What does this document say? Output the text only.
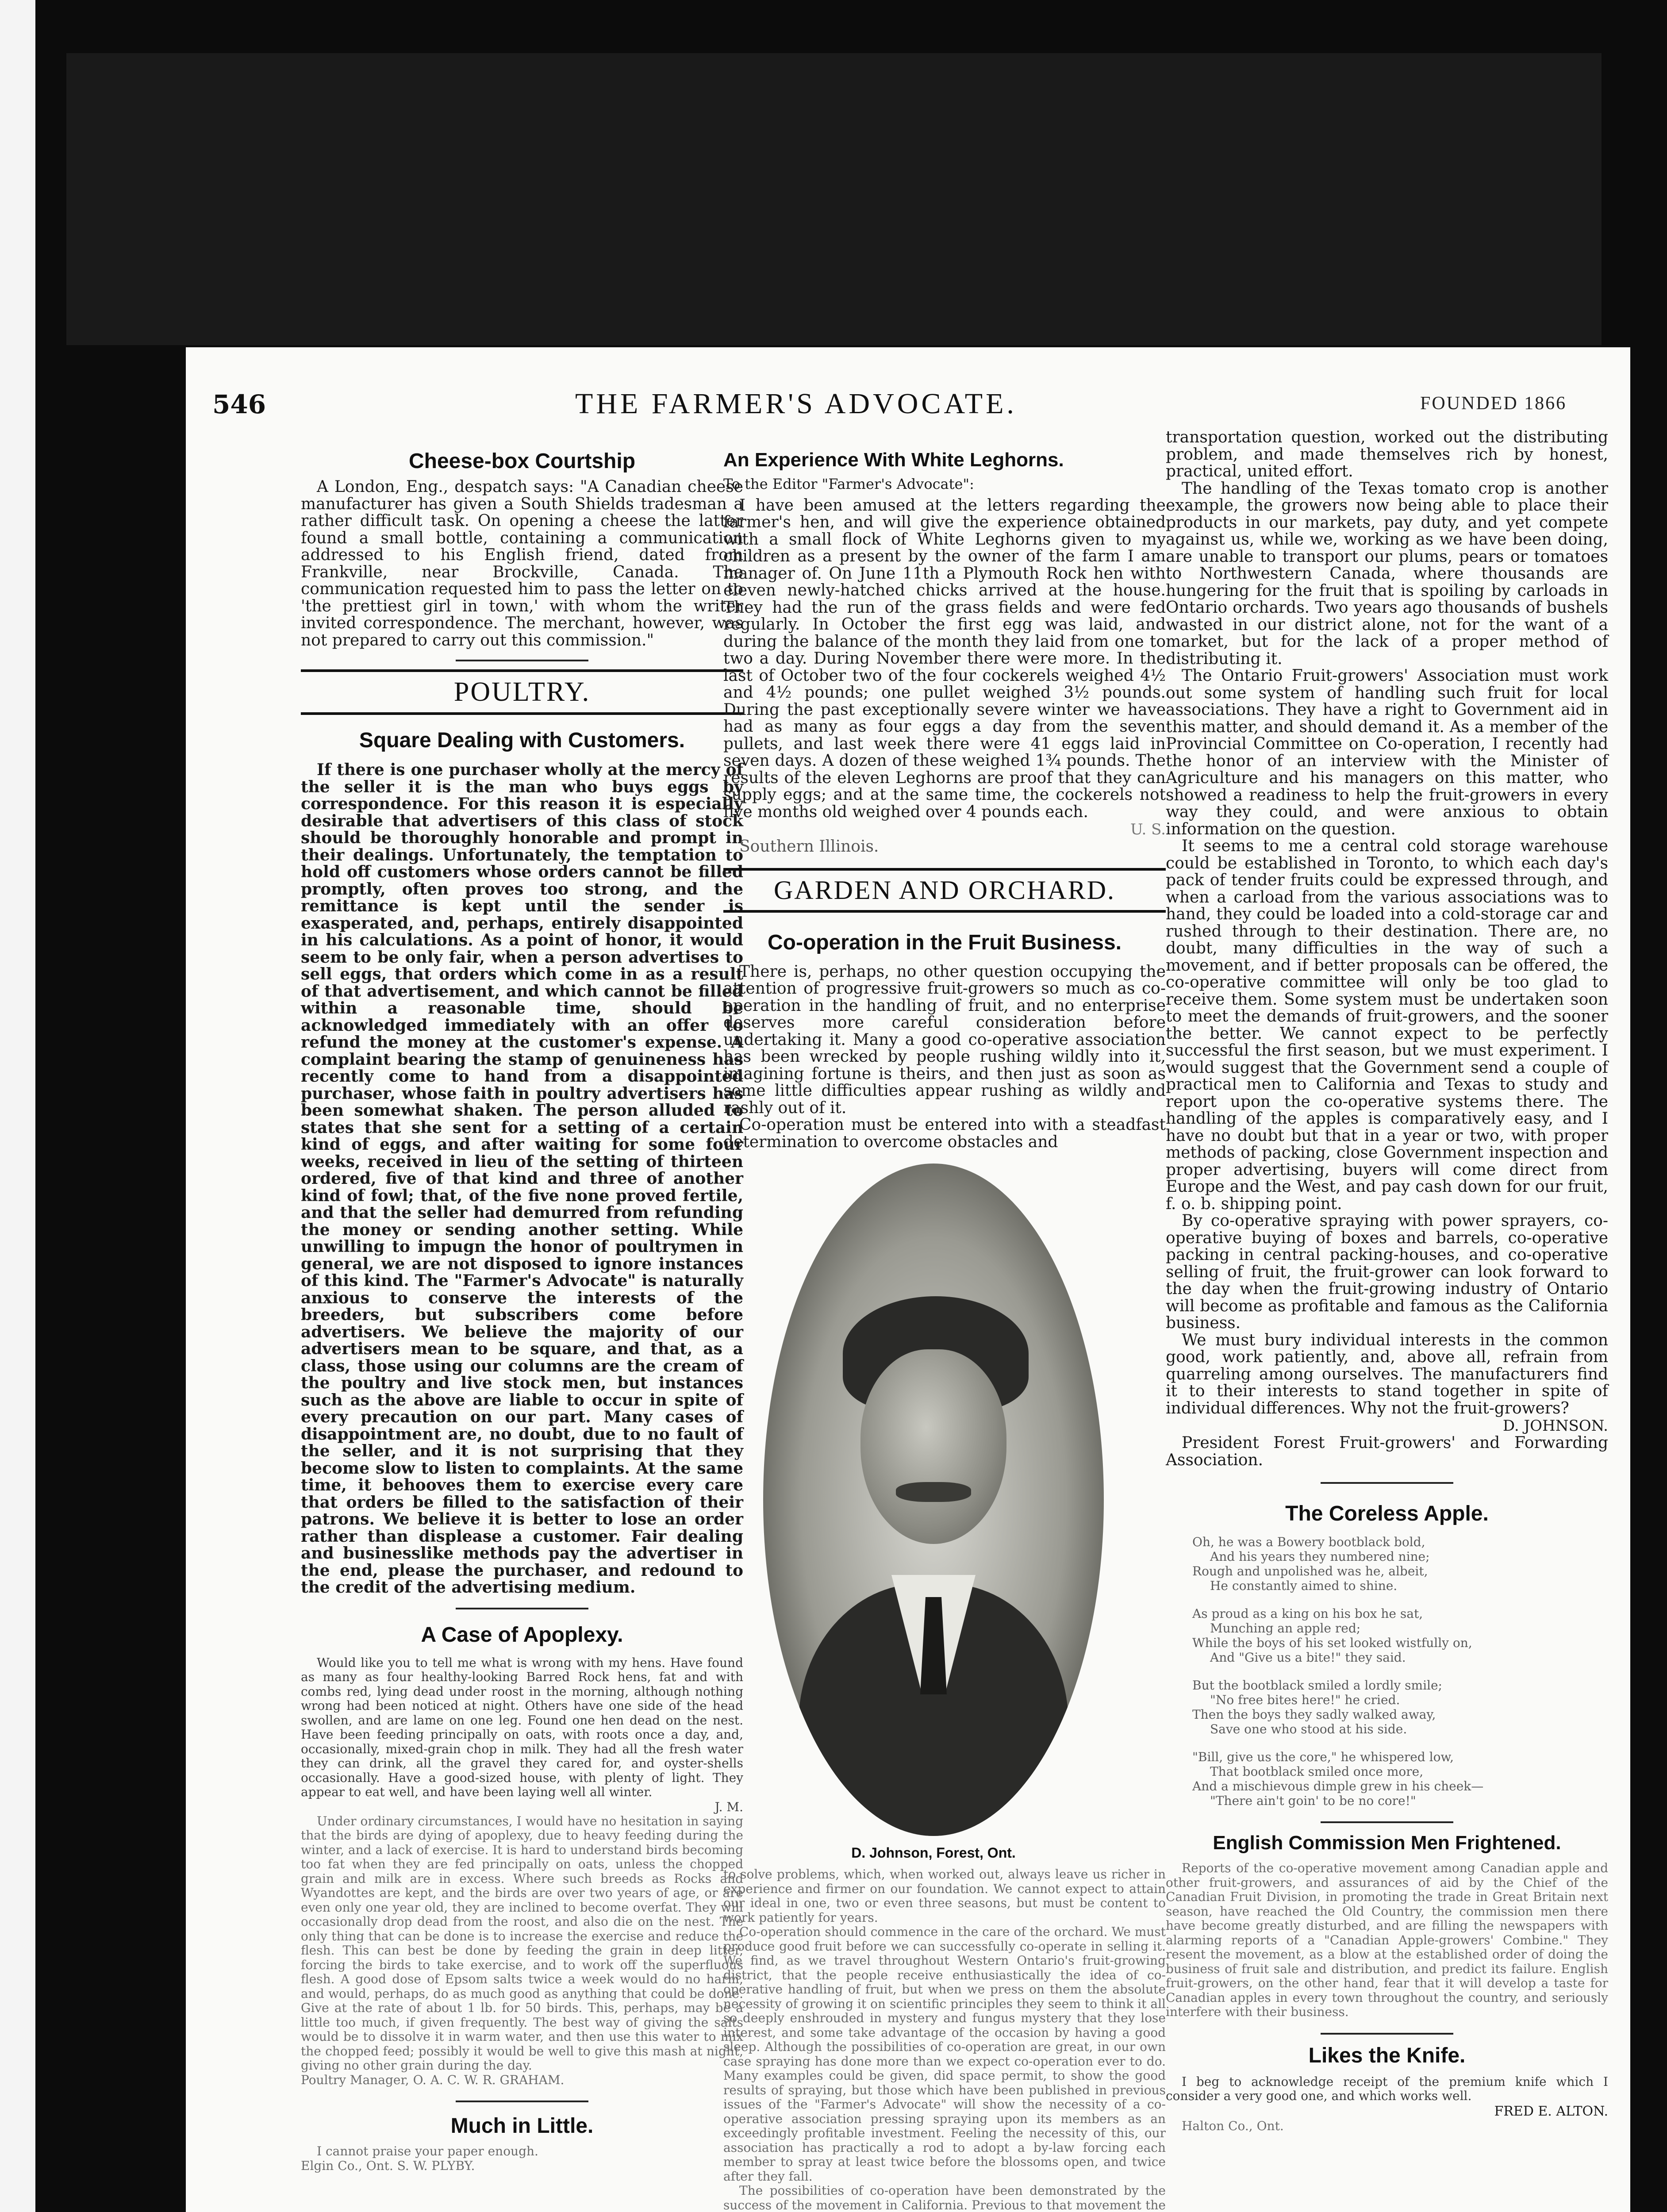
546	THE FARMER'S ADVOCATE.	FOUNDED 1866
Cheese-box Courtship

A London, Eng., despatch says: "A Canadian cheese manufacturer has given a South Shields tradesman a rather difficult task. On opening a cheese the latter found a small bottle, containing a communication addressed to his English friend, dated from Frankville, near Brockville, Canada. The communication requested him to pass the letter on to 'the prettiest girl in town,' with whom the writer invited correspondence. The merchant, however, was not prepared to carry out this commission."

POULTRY.
Square Dealing with Customers.

If there is one purchaser wholly at the mercy of the seller it is the man who buys eggs by correspondence. For this reason it is especially desirable that advertisers of this class of stock should be thoroughly honorable and prompt in their dealings. Unfortunately, the temptation to hold off customers whose orders cannot be filled promptly, often proves too strong, and the remittance is kept until the sender is exasperated, and, perhaps, entirely disappointed in his calculations. As a point of honor, it would seem to be only fair, when a person advertises to sell eggs, that orders which come in as a result of that advertisement, and which cannot be filled within a reasonable time, should be acknowledged immediately with an offer to refund the money at the customer's expense. A complaint bearing the stamp of genuineness has recently come to hand from a disappointed purchaser, whose faith in poultry advertisers has been somewhat shaken. The person alluded to states that she sent for a setting of a certain kind of eggs, and after waiting for some four weeks, received in lieu of the setting of thirteen ordered, five of that kind and three of another kind of fowl; that, of the five none proved fertile, and that the seller had demurred from refunding the money or sending another setting. While unwilling to impugn the honor of poultrymen in general, we are not disposed to ignore instances of this kind. The "Farmer's Advocate" is naturally anxious to conserve the interests of the breeders, but subscribers come before advertisers. We believe the majority of our advertisers mean to be square, and that, as a class, those using our columns are the cream of the poultry and live stock men, but instances such as the above are liable to occur in spite of every precaution on our part. Many cases of disappointment are, no doubt, due to no fault of the seller, and it is not surprising that they become slow to listen to complaints. At the same time, it behooves them to exercise every care that orders be filled to the satisfaction of their patrons. We believe it is better to lose an order rather than displease a customer. Fair dealing and businesslike methods pay the advertiser in the end, please the purchaser, and redound to the credit of the advertising medium.

A Case of Apoplexy.

Would like you to tell me what is wrong with my hens. Have found as many as four healthy-looking Barred Rock hens, fat and with combs red, lying dead under roost in the morning, although nothing wrong had been noticed at night. Others have one side of the head swollen, and are lame on one leg. Found one hen dead on the nest. Have been feeding principally on oats, with roots once a day, and, occasionally, mixed-grain chop in milk. They had all the fresh water they can drink, all the gravel they cared for, and oyster-shells occasionally. Have a good-sized house, with plenty of light. They appear to eat well, and have been laying well all winter.

J. M.

Under ordinary circumstances, I would have no hesitation in saying that the birds are dying of apoplexy, due to heavy feeding during the winter, and a lack of exercise. It is hard to understand birds becoming too fat when they are fed principally on oats, unless the chopped grain and milk are in excess. Where such breeds as Rocks and Wyandottes are kept, and the birds are over two years of age, or are even only one year old, they are inclined to become overfat. They will occasionally drop dead from the roost, and also die on the nest. The only thing that can be done is to increase the exercise and reduce the flesh. This can best be done by feeding the grain in deep litter, forcing the birds to take exercise, and to work off the superfluous flesh. A good dose of Epsom salts twice a week would do no harm, and would, perhaps, do as much good as anything that could be done. Give at the rate of about 1 lb. for 50 birds. This, perhaps, may be a little too much, if given frequently. The best way of giving the salts would be to dissolve it in warm water, and then use this water to mix the chopped feed; possibly it would be well to give this mash at night, giving no other grain during the day.

Poultry Manager, O. A. C. W. R. GRAHAM.

Much in Little.

I cannot praise your paper enough.

Elgin Co., Ont. S. W. PLYBY.

An Experience With White Leghorns.

To the Editor "Farmer's Advocate":

I have been amused at the letters regarding the farmer's hen, and will give the experience obtained with a small flock of White Leghorns given to my children as a present by the owner of the farm I am manager of. On June 11th a Plymouth Rock hen with eleven newly-hatched chicks arrived at the house. They had the run of the grass fields and were fed regularly. In October the first egg was laid, and during the balance of the month they laid from one to two a day. During November there were more. In the last of October two of the four cockerels weighed 4½ and 4½ pounds; one pullet weighed 3½ pounds. During the past exceptionally severe winter we have had as many as four eggs a day from the seven pullets, and last week there were 41 eggs laid in seven days. A dozen of these weighed 1¾ pounds. The results of the eleven Leghorns are proof that they can supply eggs; and at the same time, the cockerels not five months old weighed over 4 pounds each.

U. S.

Southern Illinois.

GARDEN AND ORCHARD.
Co-operation in the Fruit Business.

There is, perhaps, no other question occupying the attention of progressive fruit-growers so much as co-operation in the handling of fruit, and no enterprise deserves more careful consideration before undertaking it. Many a good co-operative association has been wrecked by people rushing wildly into it, imagining fortune is theirs, and then just as soon as some little difficulties appear rushing as wildly and rashly out of it.

Co-operation must be entered into with a steadfast determination to overcome obstacles and

to solve problems, which, when worked out, always leave us richer in experience and firmer on our foundation. We cannot expect to attain our ideal in one, two or even three seasons, but must be content to work patiently for years.

Co-operation should commence in the care of the orchard. We must produce good fruit before we can successfully co-operate in selling it. We find, as we travel throughout Western Ontario's fruit-growing district, that the people receive enthusiastically the idea of co-operative handling of fruit, but when we press on them the absolute necessity of growing it on scientific principles they seem to think it all so deeply enshrouded in mystery and fungus mystery that they lose interest, and some take advantage of the occasion by having a good sleep. Although the possibilities of co-operation are great, in our own case spraying has done more than we expect co-operation ever to do. Many examples could be given, did space permit, to show the good results of spraying, but those which have been published in previous issues of the "Farmer's Advocate" will show the necessity of a co-operative association pressing spraying upon its members as an exceedingly profitable investment. Feeling the necessity of this, our association has practically a rod to adopt a by-law forcing each member to spray at least twice before the blossoms open, and twice after they fall.

The possibilities of co-operation have been demonstrated by the success of the movement in California. Previous to that movement the

D. Johnson, Forest, Ont.

transportation question, worked out the distributing problem, and made themselves rich by honest, practical, united effort.

The handling of the Texas tomato crop is another example, the growers now being able to place their products in our markets, pay duty, and yet compete against us, while we, working as we have been doing, are unable to transport our plums, pears or tomatoes to Northwestern Canada, where thousands are hungering for the fruit that is spoiling by carloads in Ontario orchards. Two years ago thousands of bushels wasted in our district alone, not for the want of a market, but for the lack of a proper method of distributing it.

The Ontario Fruit-growers' Association must work out some system of handling such fruit for local associations. They have a right to Government aid in this matter, and should demand it. As a member of the Provincial Committee on Co-operation, I recently had the honor of an interview with the Minister of Agriculture and his managers on this matter, who showed a readiness to help the fruit-growers in every way they could, and were anxious to obtain information on the question.

It seems to me a central cold storage warehouse could be established in Toronto, to which each day's pack of tender fruits could be expressed through, and when a carload from the various associations was to hand, they could be loaded into a cold-storage car and rushed through to their destination. There are, no doubt, many difficulties in the way of such a movement, and if better proposals can be offered, the co-operative committee will only be too glad to receive them. Some system must be undertaken soon to meet the demands of fruit-growers, and the sooner the better. We cannot expect to be perfectly successful the first season, but we must experiment. I would suggest that the Government send a couple of practical men to California and Texas to study and report upon the co-operative systems there. The handling of the apples is comparatively easy, and I have no doubt but that in a year or two, with proper methods of packing, close Government inspection and proper advertising, buyers will come direct from Europe and the West, and pay cash down for our fruit, f. o. b. shipping point.

By co-operative spraying with power sprayers, co-operative buying of boxes and barrels, co-operative packing in central packing-houses, and co-operative selling of fruit, the fruit-grower can look forward to the day when the fruit-growing industry of Ontario will become as profitable and famous as the California business.

We must bury individual interests in the common good, work patiently, and, above all, refrain from quarreling among ourselves. The manufacturers find it to their interests to stand together in spite of individual differences. Why not the fruit-growers?

D. JOHNSON.

President Forest Fruit-growers' and Forwarding Association.

The Coreless Apple.

Oh, he was a Bowery bootblack bold,

And his years they numbered nine;

Rough and unpolished was he, albeit,

He constantly aimed to shine.

As proud as a king on his box he sat,

Munching an apple red;

While the boys of his set looked wistfully on,

And "Give us a bite!" they said.

But the bootblack smiled a lordly smile;

"No free bites here!" he cried.

Then the boys they sadly walked away,

Save one who stood at his side.

"Bill, give us the core," he whispered low,

That bootblack smiled once more,

And a mischievous dimple grew in his cheek—

"There ain't goin' to be no core!"

English Commission Men Frightened.

Reports of the co-operative movement among Canadian apple and other fruit-growers, and assurances of aid by the Chief of the Canadian Fruit Division, in promoting the trade in Great Britain next season, have reached the Old Country, the commission men there have become greatly disturbed, and are filling the newspapers with alarming reports of a "Canadian Apple-growers' Combine." They resent the movement, as a blow at the established order of doing the business of fruit sale and distribution, and predict its failure. English fruit-growers, on the other hand, fear that it will develop a taste for Canadian apples in every town throughout the country, and seriously interfere with their business.

Likes the Knife.

I beg to acknowledge receipt of the premium knife which I consider a very good one, and which works well.

FRED E. ALTON.

Halton Co., Ont.
